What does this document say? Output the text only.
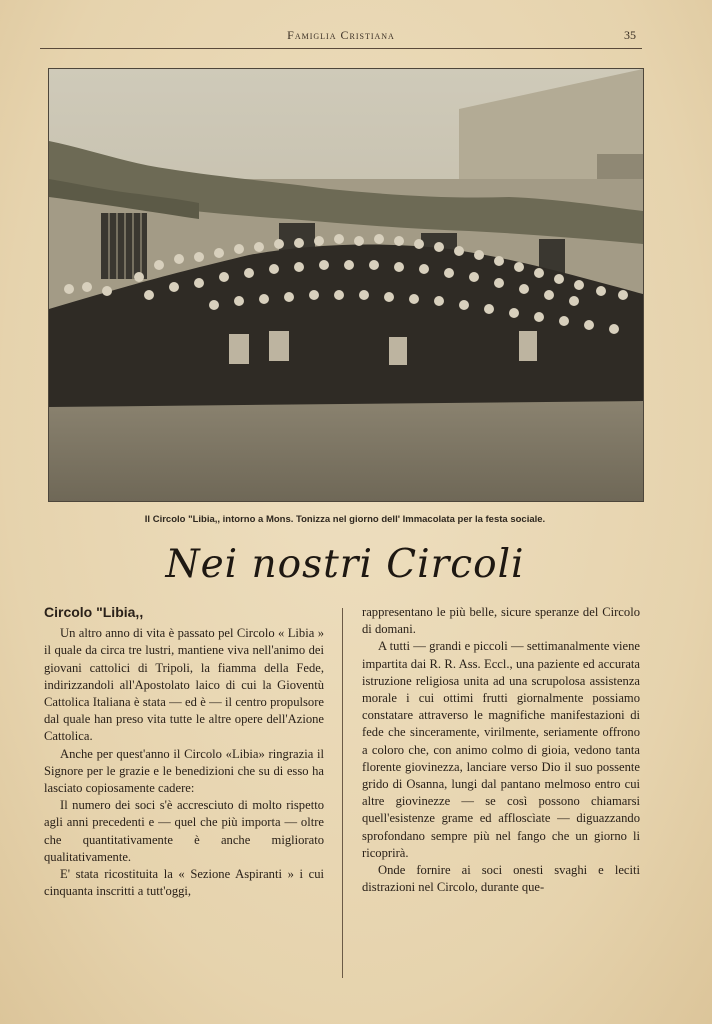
Famiglia Cristiana	35
Il Circolo "Libia,, intorno a Mons. Tonizza nel giorno dell' Immacolata per la festa sociale.
Nei nostri Circoli
Circolo "Libia,,

Un altro anno di vita è passato pel Circolo « Libia » il quale da circa tre lustri, mantiene viva nell'animo dei giovani cattolici di Tripoli, la fiamma della Fede, indirizzandoli all'Apostolato laico di cui la Gioventù Cattolica Italiana è stata — ed è — il centro propulsore dal quale han preso vita tutte le altre opere dell'Azione Cattolica.

Anche per quest'anno il Circolo «Libia» ringrazia il Signore per le grazie e le benedizioni che su di esso ha lasciato copiosamente cadere:

Il numero dei soci s'è accresciuto di molto rispetto agli anni precedenti e — quel che più importa — oltre che quantitativamente è anche migliorato qualitativamente.

E' stata ricostituita la « Sezione Aspiranti » i cui cinquanta inscritti a tutt'oggi,

rappresentano le più belle, sicure speranze del Circolo di domani.

A tutti — grandi e piccoli — settimanalmente viene impartita dai R. R. Ass. Eccl., una paziente ed accurata istruzione religiosa unita ad una scrupolosa assistenza morale i cui ottimi frutti giornalmente possiamo constatare attraverso le magnifiche manifestazioni di fede che sinceramente, virilmente, seriamente offrono a coloro che, con animo colmo di gioia, vedono tanta florente giovinezza, lanciare verso Dio il suo possente grido di Osanna, lungi dal pantano melmoso entro cui altre giovinezze — se così possono chiamarsi quell'esistenze grame ed affloscìate — diguazzando sprofondano sempre più nel fango che un giorno li ricoprirà.

Onde fornire ai soci onesti svaghi e leciti distrazioni nel Circolo, durante que-
